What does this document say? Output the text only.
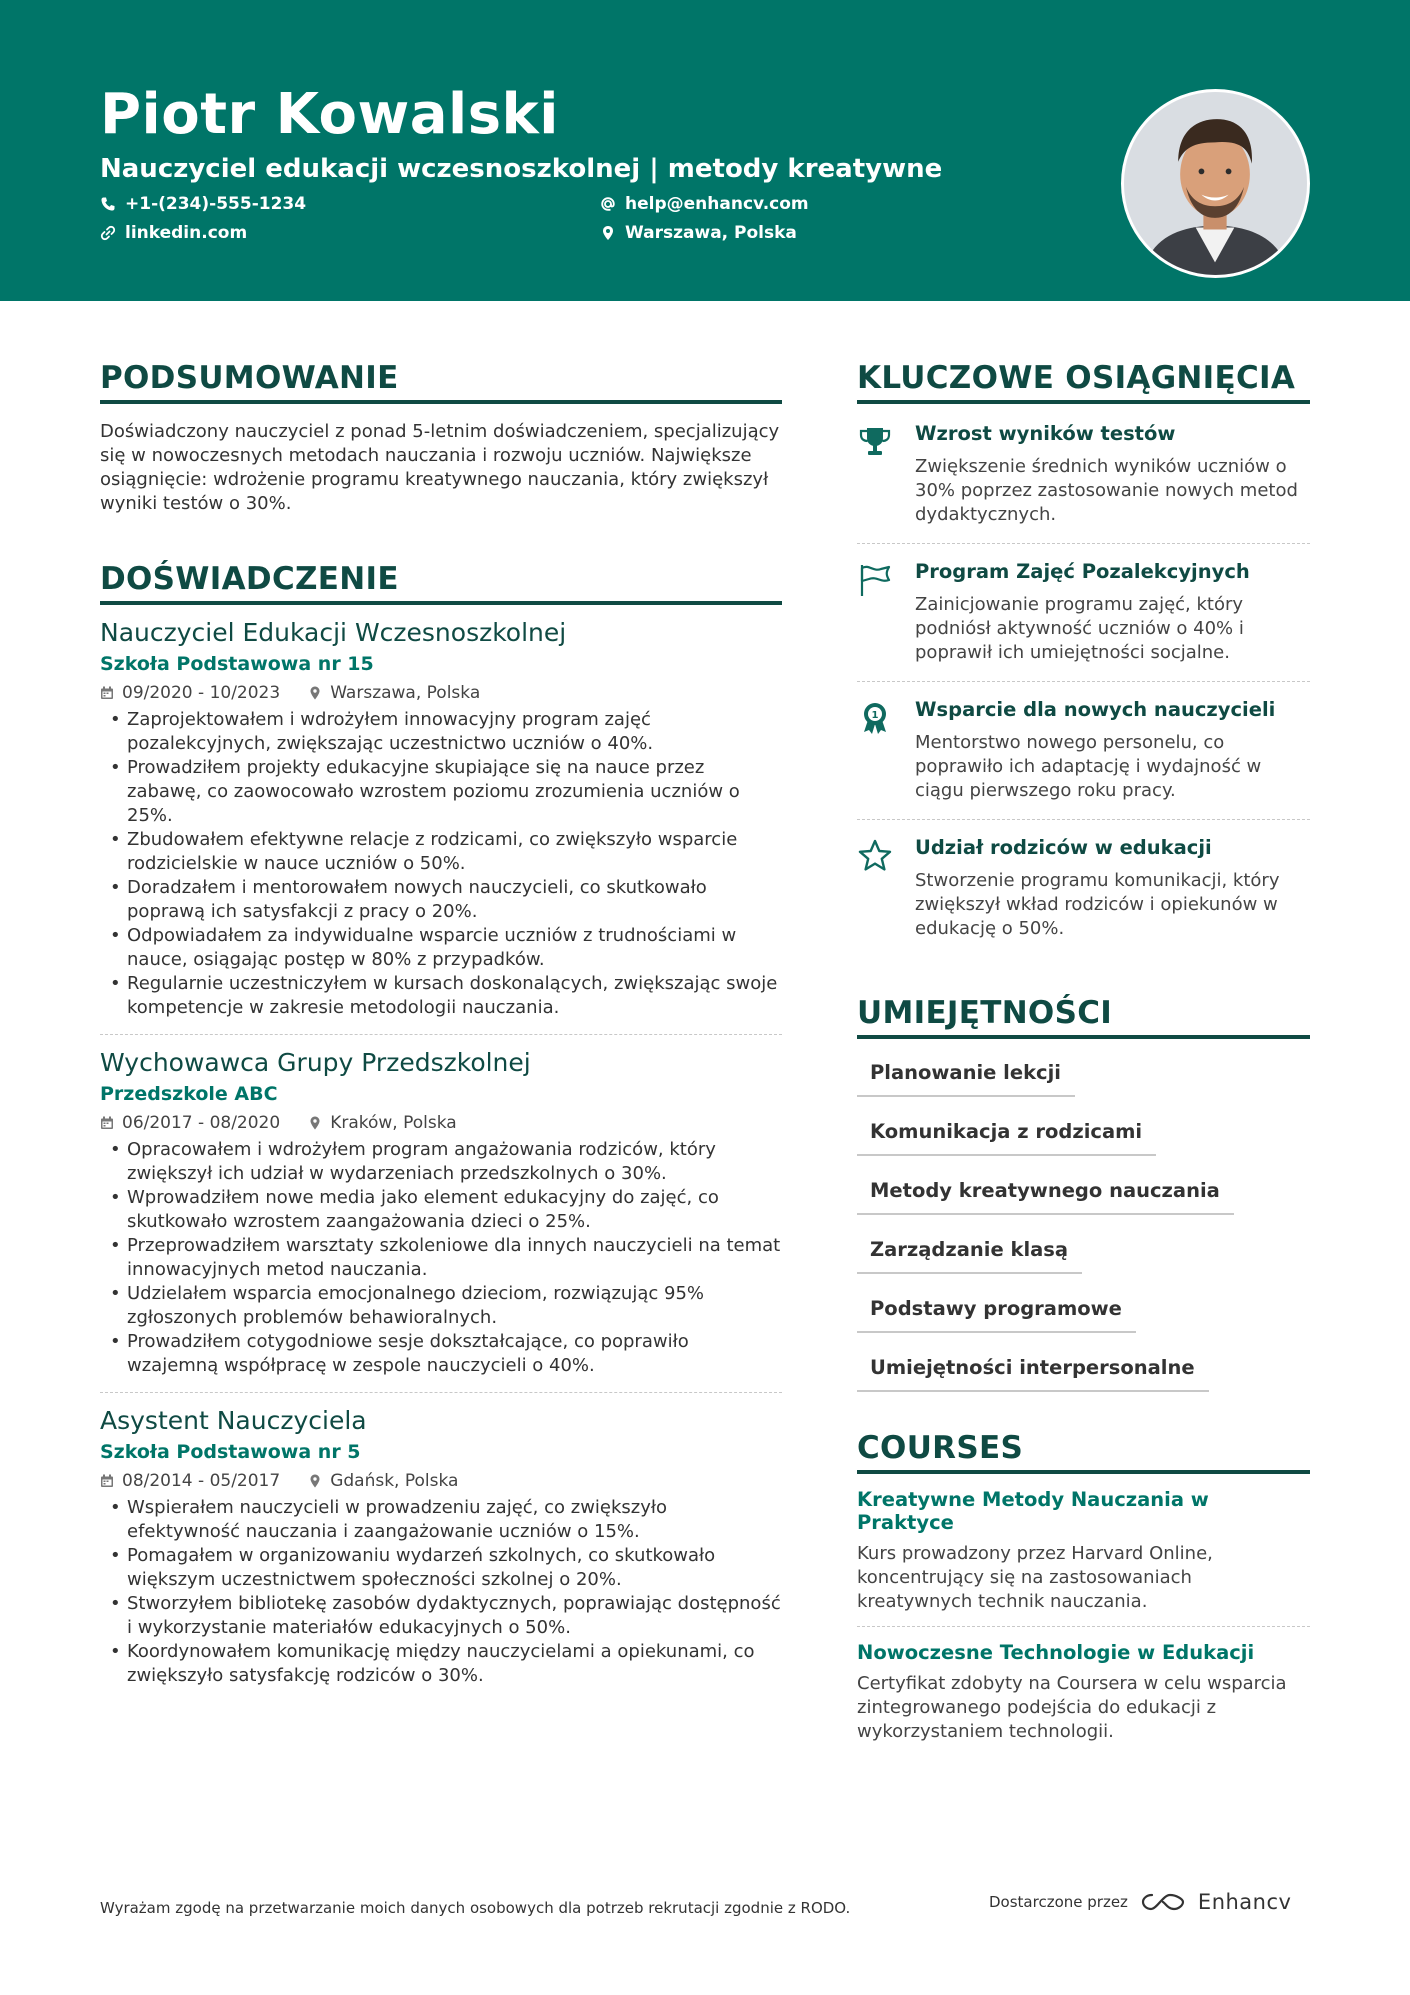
Piotr Kowalski
Nauczyciel edukacji wczesnoszkolnej | metody kreatywne
+1-(234)-555-1234	help@enhancv.com
linkedin.com	Warszawa, Polska
PODSUMOWANIE
Doświadczony nauczyciel z ponad 5-letnim doświadczeniem, specjalizujący się w nowoczesnych metodach nauczania i rozwoju uczniów. Największe osiągnięcie: wdrożenie programu kreatywnego nauczania, który zwiększył wyniki testów o 30%.
DOŚWIADCZENIE
Nauczyciel Edukacji Wczesnoszkolnej
Szkoła Podstawowa nr 15
09/2020 - 10/2023	Warszawa, Polska
• Zaprojektowałem i wdrożyłem innowacyjny program zajęć pozalekcyjnych, zwiększając uczestnictwo uczniów o 40%.
• Prowadziłem projekty edukacyjne skupiające się na nauce przez zabawę, co zaowocowało wzrostem poziomu zrozumienia uczniów o 25%.
• Zbudowałem efektywne relacje z rodzicami, co zwiększyło wsparcie rodzicielskie w nauce uczniów o 50%.
• Doradzałem i mentorowałem nowych nauczycieli, co skutkowało poprawą ich satysfakcji z pracy o 20%.
• Odpowiadałem za indywidualne wsparcie uczniów z trudnościami w nauce, osiągając postęp w 80% z przypadków.
• Regularnie uczestniczyłem w kursach doskonalących, zwiększając swoje kompetencje w zakresie metodologii nauczania.
Wychowawca Grupy Przedszkolnej
Przedszkole ABC
06/2017 - 08/2020	Kraków, Polska
• Opracowałem i wdrożyłem program angażowania rodziców, który zwiększył ich udział w wydarzeniach przedszkolnych o 30%.
• Wprowadziłem nowe media jako element edukacyjny do zajęć, co skutkowało wzrostem zaangażowania dzieci o 25%.
• Przeprowadziłem warsztaty szkoleniowe dla innych nauczycieli na temat innowacyjnych metod nauczania.
• Udzielałem wsparcia emocjonalnego dzieciom, rozwiązując 95% zgłoszonych problemów behawioralnych.
• Prowadziłem cotygodniowe sesje dokształcające, co poprawiło wzajemną współpracę w zespole nauczycieli o 40%.
Asystent Nauczyciela
Szkoła Podstawowa nr 5
08/2014 - 05/2017	Gdańsk, Polska
• Wspierałem nauczycieli w prowadzeniu zajęć, co zwiększyło efektywność nauczania i zaangażowanie uczniów o 15%.
• Pomagałem w organizowaniu wydarzeń szkolnych, co skutkowało większym uczestnictwem społeczności szkolnej o 20%.
• Stworzyłem bibliotekę zasobów dydaktycznych, poprawiając dostępność i wykorzystanie materiałów edukacyjnych o 50%.
• Koordynowałem komunikację między nauczycielami a opiekunami, co zwiększyło satysfakcję rodziców o 30%.
KLUCZOWE OSIĄGNIĘCIA
Wzrost wyników testów
Zwiększenie średnich wyników uczniów o 30% poprzez zastosowanie nowych metod dydaktycznych.
Program Zajęć Pozalekcyjnych
Zainicjowanie programu zajęć, który podniósł aktywność uczniów o 40% i poprawił ich umiejętności socjalne.
1 Wsparcie dla nowych nauczycieli
Mentorstwo nowego personelu, co poprawiło ich adaptację i wydajność w ciągu pierwszego roku pracy.
Udział rodziców w edukacji
Stworzenie programu komunikacji, który zwiększył wkład rodziców i opiekunów w edukację o 50%.
UMIEJĘTNOŚCI
Planowanie lekcji
Komunikacja z rodzicami
Metody kreatywnego nauczania
Zarządzanie klasą
Podstawy programowe
Umiejętności interpersonalne
COURSES
Kreatywne Metody Nauczania w Praktyce
Kurs prowadzony przez Harvard Online, koncentrujący się na zastosowaniach kreatywnych technik nauczania.
Nowoczesne Technologie w Edukacji
Certyfikat zdobyty na Coursera w celu wsparcia zintegrowanego podejścia do edukacji z wykorzystaniem technologii.
Wyrażam zgodę na przetwarzanie moich danych osobowych dla potrzeb rekrutacji zgodnie z RODO.	Dostarczone przez	Enhancv
